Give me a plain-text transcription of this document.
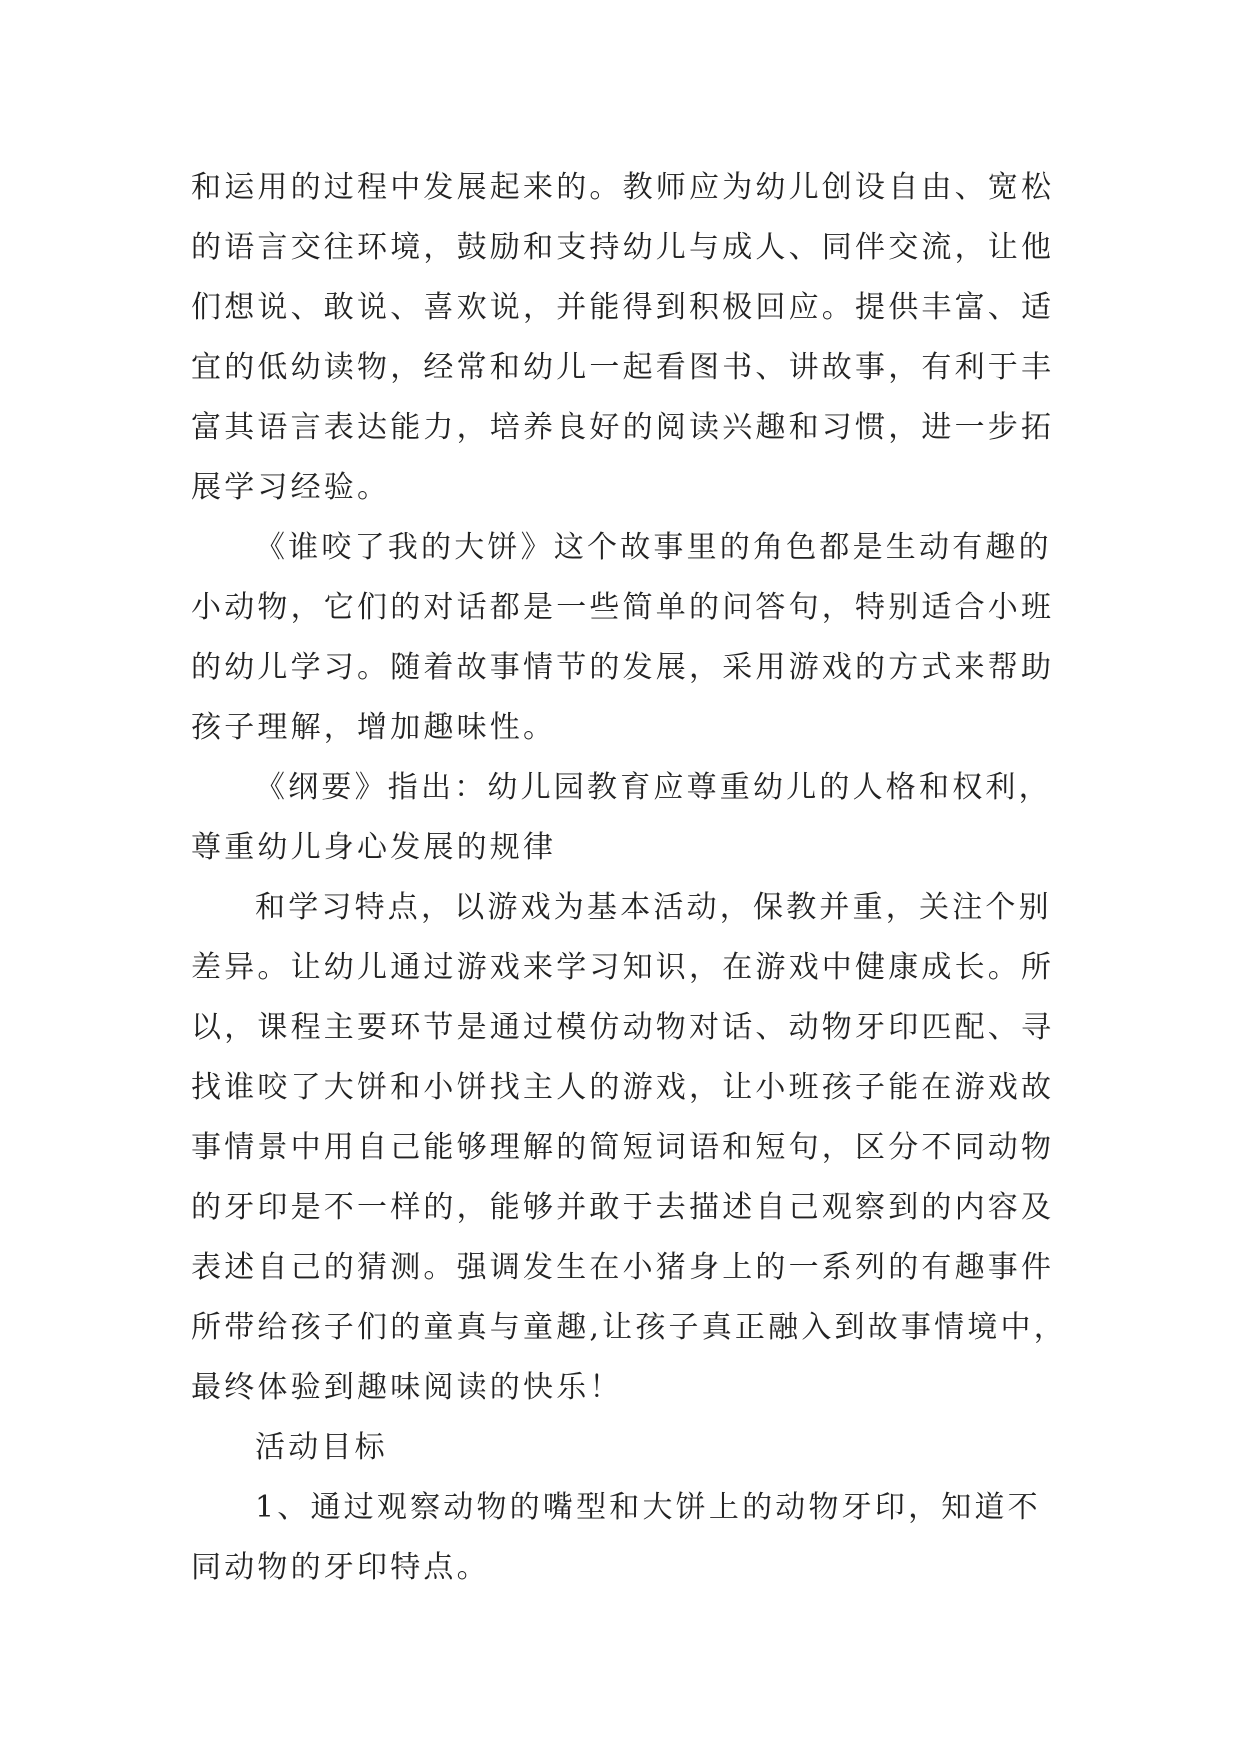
和运用的过程中发展起来的。教师应为幼儿创设自由、宽松
的语言交往环境，鼓励和支持幼儿与成人、同伴交流，让他
们想说、敢说、喜欢说，并能得到积极回应。提供丰富、适
宜的低幼读物，经常和幼儿一起看图书、讲故事，有利于丰
富其语言表达能力，培养良好的阅读兴趣和习惯，进一步拓
展学习经验。
《谁咬了我的大饼》这个故事里的角色都是生动有趣的
小动物，它们的对话都是一些简单的问答句，特别适合小班
的幼儿学习。随着故事情节的发展，采用游戏的方式来帮助
孩子理解，增加趣味性。
《纲要》指出：幼儿园教育应尊重幼儿的人格和权利，
尊重幼儿身心发展的规律
和学习特点，以游戏为基本活动，保教并重，关注个别
差异。让幼儿通过游戏来学习知识，在游戏中健康成长。所
以，课程主要环节是通过模仿动物对话、动物牙印匹配、寻
找谁咬了大饼和小饼找主人的游戏，让小班孩子能在游戏故
事情景中用自己能够理解的简短词语和短句，区分不同动物
的牙印是不一样的，能够并敢于去描述自己观察到的内容及
表述自己的猜测。强调发生在小猪身上的一系列的有趣事件
所带给孩子们的童真与童趣,让孩子真正融入到故事情境中，
最终体验到趣味阅读的快乐！
活动目标
1、通过观察动物的嘴型和大饼上的动物牙印，知道不
同动物的牙印特点。
